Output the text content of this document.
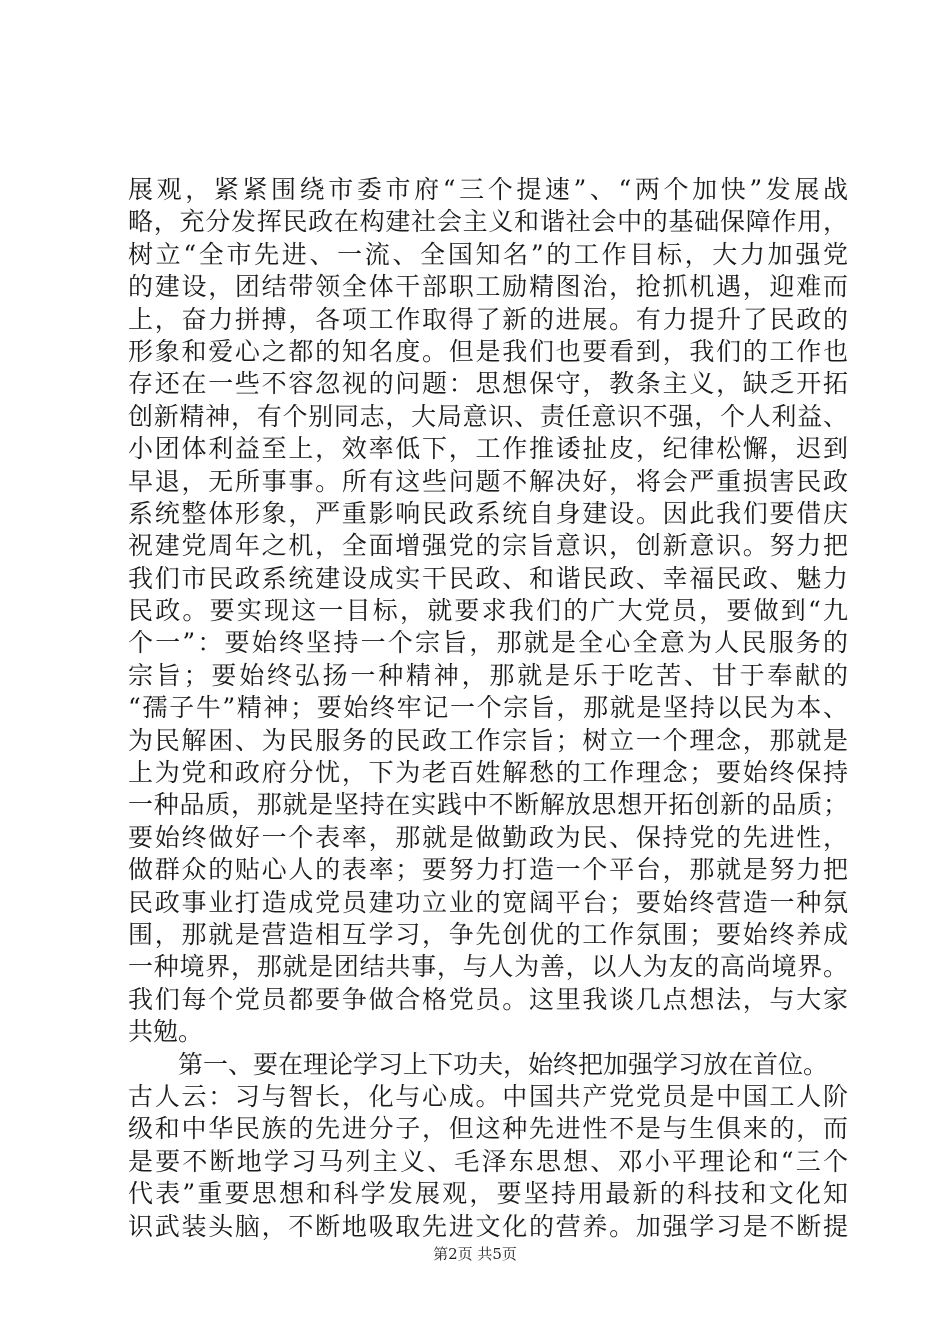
展观，紧紧围绕市委市府“三个提速”、“两个加快”发展战
略，充分发挥民政在构建社会主义和谐社会中的基础保障作用，
树立“全市先进、一流、全国知名”的工作目标，大力加强党
的建设，团结带领全体干部职工励精图治，抢抓机遇，迎难而
上，奋力拼搏，各项工作取得了新的进展。有力提升了民政的
形象和爱心之都的知名度。但是我们也要看到，我们的工作也
存还在一些不容忽视的问题：思想保守，教条主义，缺乏开拓
创新精神，有个别同志，大局意识、责任意识不强，个人利益、
小团体利益至上，效率低下，工作推诿扯皮，纪律松懈，迟到
早退，无所事事。所有这些问题不解决好，将会严重损害民政
系统整体形象，严重影响民政系统自身建设。因此我们要借庆
祝建党周年之机，全面增强党的宗旨意识，创新意识。努力把
我们市民政系统建设成实干民政、和谐民政、幸福民政、魅力
民政。要实现这一目标，就要求我们的广大党员，要做到“九
个一”：要始终坚持一个宗旨，那就是全心全意为人民服务的
宗旨；要始终弘扬一种精神，那就是乐于吃苦、甘于奉献的
“孺子牛”精神；要始终牢记一个宗旨，那就是坚持以民为本、
为民解困、为民服务的民政工作宗旨；树立一个理念，那就是
上为党和政府分忧，下为老百姓解愁的工作理念；要始终保持
一种品质，那就是坚持在实践中不断解放思想开拓创新的品质；
要始终做好一个表率，那就是做勤政为民、保持党的先进性，
做群众的贴心人的表率；要努力打造一个平台，那就是努力把
民政事业打造成党员建功立业的宽阔平台；要始终营造一种氛
围，那就是营造相互学习，争先创优的工作氛围；要始终养成
一种境界，那就是团结共事，与人为善，以人为友的高尚境界。
我们每个党员都要争做合格党员。这里我谈几点想法，与大家
共勉。
第一、要在理论学习上下功夫，始终把加强学习放在首位。
古人云：习与智长，化与心成。中国共产党党员是中国工人阶
级和中华民族的先进分子，但这种先进性不是与生俱来的，而
是要不断地学习马列主义、毛泽东思想、邓小平理论和“三个
代表”重要思想和科学发展观，要坚持用最新的科技和文化知
识武装头脑，不断地吸取先进文化的营养。加强学习是不断提
第2页 共5页
